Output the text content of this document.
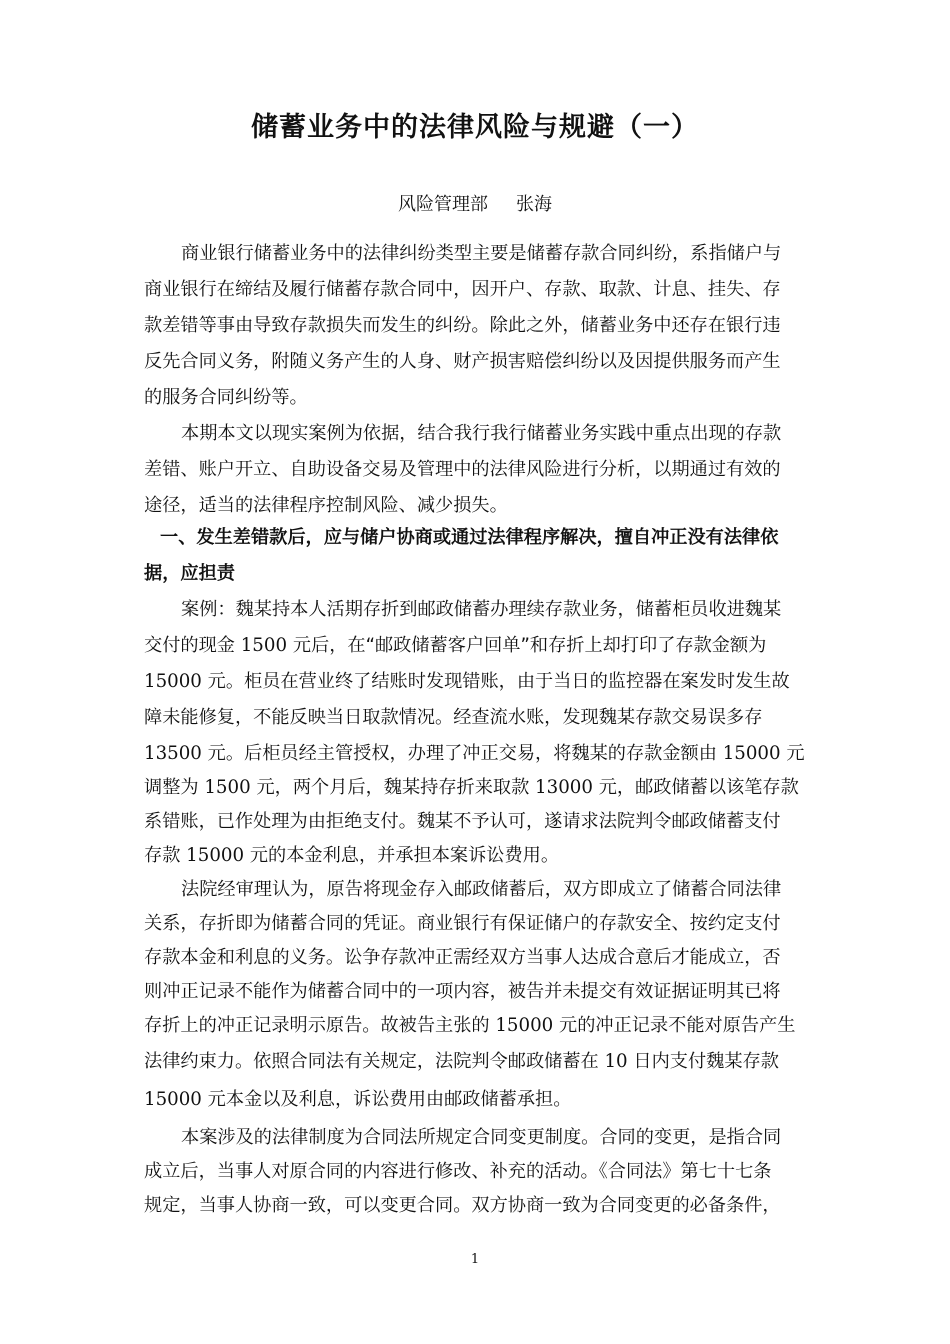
储蓄业务中的法律风险与规避（一）
风险管理部 张海
商业银行储蓄业务中的法律纠纷类型主要是储蓄存款合同纠纷，系指储户与
商业银行在缔结及履行储蓄存款合同中，因开户、存款、取款、计息、挂失、存
款差错等事由导致存款损失而发生的纠纷。除此之外，储蓄业务中还存在银行违
反先合同义务，附随义务产生的人身、财产损害赔偿纠纷以及因提供服务而产生
的服务合同纠纷等。
本期本文以现实案例为依据，结合我行我行储蓄业务实践中重点出现的存款
差错、账户开立、自助设备交易及管理中的法律风险进行分析，以期通过有效的
途径，适当的法律程序控制风险、减少损失。
一、发生差错款后，应与储户协商或通过法律程序解决，擅自冲正没有法律依
据，应担责
案例：魏某持本人活期存折到邮政储蓄办理续存款业务，储蓄柜员收进魏某
交付的现金 1500 元后，在“邮政储蓄客户回单”和存折上却打印了存款金额为
15000 元。柜员在营业终了结账时发现错账，由于当日的监控器在案发时发生故
障未能修复，不能反映当日取款情况。经查流水账，发现魏某存款交易误多存
13500 元。后柜员经主管授权，办理了冲正交易，将魏某的存款金额由 15000 元
调整为 1500 元，两个月后，魏某持存折来取款 13000 元，邮政储蓄以该笔存款
系错账，已作处理为由拒绝支付。魏某不予认可，遂请求法院判令邮政储蓄支付
存款 15000 元的本金利息，并承担本案诉讼费用。
法院经审理认为，原告将现金存入邮政储蓄后，双方即成立了储蓄合同法律
关系，存折即为储蓄合同的凭证。商业银行有保证储户的存款安全、按约定支付
存款本金和利息的义务。讼争存款冲正需经双方当事人达成合意后才能成立，否
则冲正记录不能作为储蓄合同中的一项内容，被告并未提交有效证据证明其已将
存折上的冲正记录明示原告。故被告主张的 15000 元的冲正记录不能对原告产生
法律约束力。依照合同法有关规定，法院判令邮政储蓄在 10 日内支付魏某存款
15000 元本金以及利息，诉讼费用由邮政储蓄承担。
本案涉及的法律制度为合同法所规定合同变更制度。合同的变更，是指合同
成立后，当事人对原合同的内容进行修改、补充的活动。《合同法》第七十七条
规定，当事人协商一致，可以变更合同。双方协商一致为合同变更的必备条件，
1
